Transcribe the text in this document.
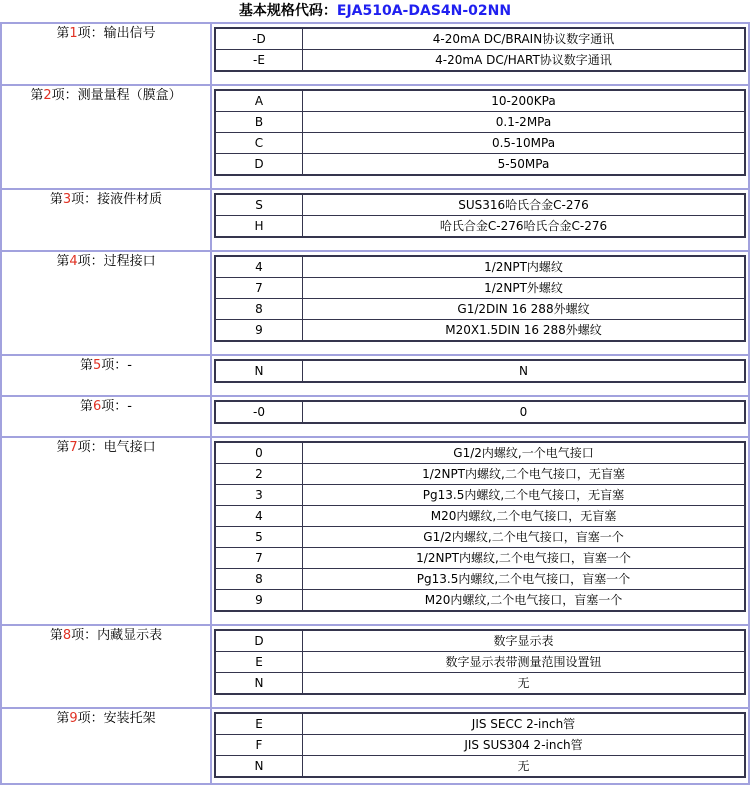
基本规格代码：EJA510A-DAS4N-02NN
第1项：输出信号		-D	4-20mA DC/BRAIN协议数字通讯
-E	4-20mA DC/HART协议数字通讯

第2项：测量量程（膜盒）		A	10-200KPa
B	0.1-2MPa
C	0.5-10MPa
D	5-50MPa

第3项：接液件材质		S	SUS316哈氏合金C-276
H	哈氏合金C-276哈氏合金C-276

第4项：过程接口		4	1/2NPT内螺纹
7	1/2NPT外螺纹
8	G1/2DIN 16 288外螺纹
9	M20X1.5DIN 16 288外螺纹

第5项：-		N	N

第6项：-		-0	0

第7项：电气接口		0	G1/2内螺纹,一个电气接口
2	1/2NPT内螺纹,二个电气接口，无盲塞
3	Pg13.5内螺纹,二个电气接口，无盲塞
4	M20内螺纹,二个电气接口，无盲塞
5	G1/2内螺纹,二个电气接口，盲塞一个
7	1/2NPT内螺纹,二个电气接口，盲塞一个
8	Pg13.5内螺纹,二个电气接口，盲塞一个
9	M20内螺纹,二个电气接口，盲塞一个

第8项：内藏显示表		D	数字显示表
E	数字显示表带测量范围设置钮
N	无

第9项：安装托架		E	JIS SECC 2-inch管
F	JIS SUS304 2-inch管
N	无
